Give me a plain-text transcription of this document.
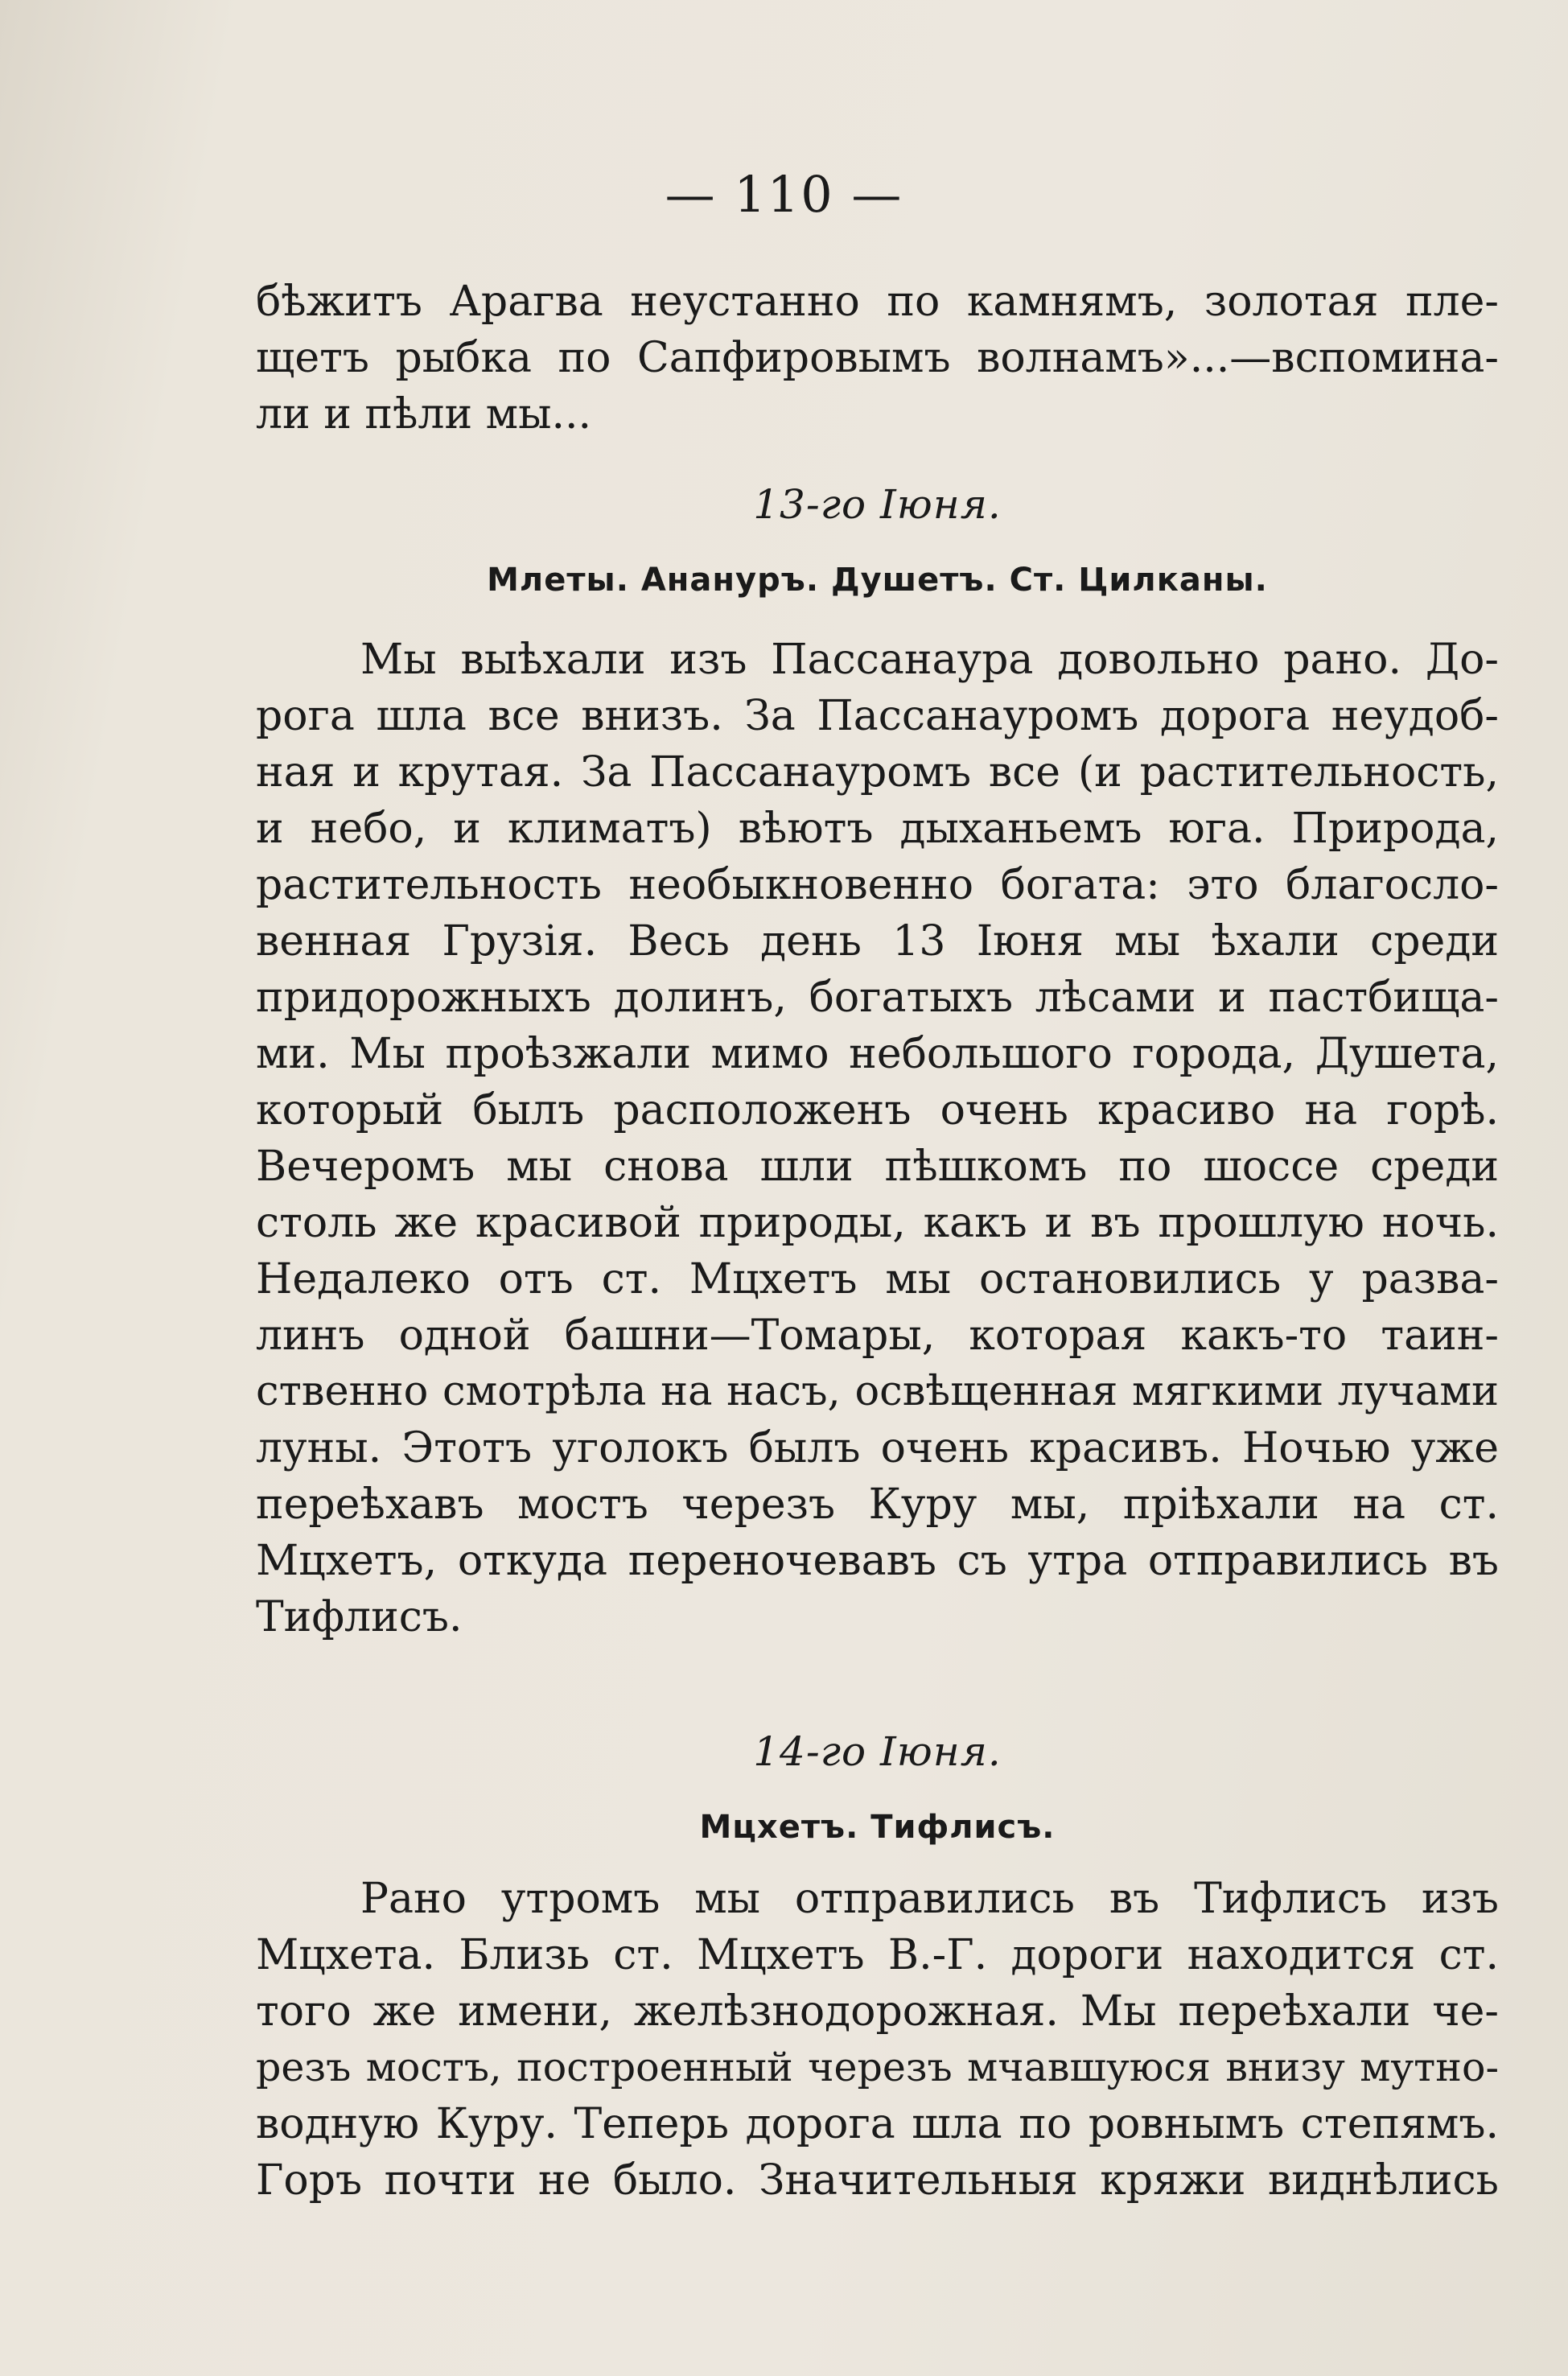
— 110 —
бѣжитъ Арагва неустанно по камнямъ, золотая пле-
щетъ рыбка по Сапфировымъ волнамъ»...—вспомина-
ли и пѣли мы...
13-го Іюня.
Млеты. Анануръ. Душетъ. Ст. Цилканы.
Мы выѣхали изъ Пассанаура довольно рано. До-
рога шла все внизъ. За Пассанауромъ дорога неудоб-
ная и крутая. За Пассанауромъ все (и растительность,
и небо, и климатъ) вѣютъ дыханьемъ юга. Природа,
растительность необыкновенно богата: это благосло-
венная Грузія. Весь день 13 Іюня мы ѣхали среди
придорожныхъ долинъ, богатыхъ лѣсами и пастбища-
ми. Мы проѣзжали мимо небольшого города, Душета,
который былъ расположенъ очень красиво на горѣ.
Вечеромъ мы снова шли пѣшкомъ по шоссе среди
столь же красивой природы, какъ и въ прошлую ночь.
Недалеко отъ ст. Мцхетъ мы остановились у разва-
линъ одной башни—Томары, которая какъ-то таин-
ственно смотрѣла на насъ, освѣщенная мягкими лучами
луны. Этотъ уголокъ былъ очень красивъ. Ночью уже
переѣхавъ мостъ черезъ Куру мы, пріѣхали на ст.
Мцхетъ, откуда переночевавъ съ утра отправились въ
Тифлисъ.
14-го Іюня.
Мцхетъ. Тифлисъ.
Рано утромъ мы отправились въ Тифлисъ изъ
Мцхета. Близь ст. Мцхетъ В.-Г. дороги находится ст.
того же имени, желѣзнодорожная. Мы переѣхали че-
резъ мостъ, построенный черезъ мчавшуюся внизу мутно-
водную Куру. Теперь дорога шла по ровнымъ степямъ.
Горъ почти не было. Значительныя кряжи виднѣлись
